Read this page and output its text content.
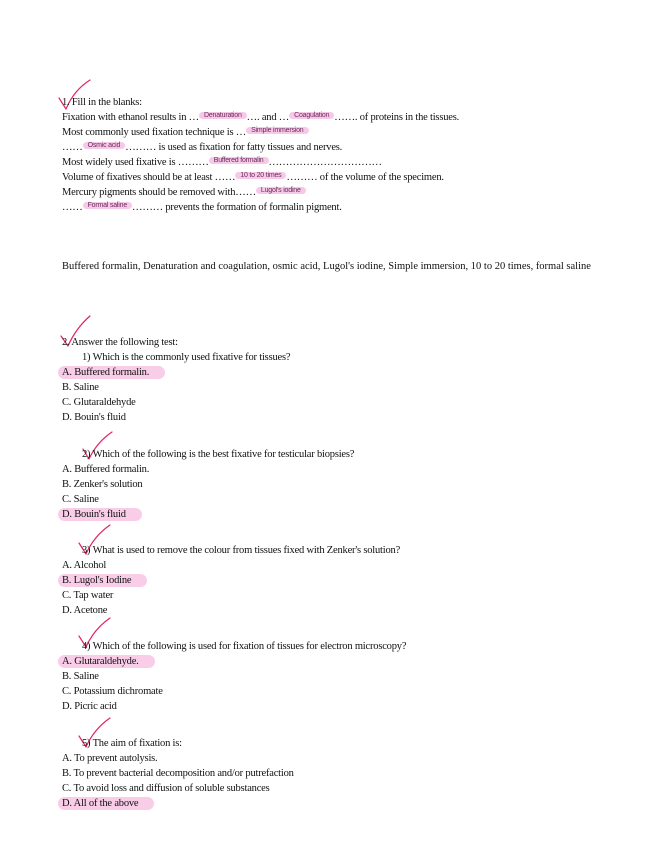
1. Fill in the blanks:
Fixation with ethanol results in … $^{Denaturation}$ …. and … $^{Coagulation}$ ……. of proteins in the tissues.
Most commonly used fixation technique is … $^{Simple immersion}$
…… $^{Osmic acid}$ ……… is used as fixation for fatty tissues and nerves.
Most widely used fixative is ……… $^{Buffered formalin}$ ……………………………
Volume of fixatives should be at least …… $^{10 to 20 times}$ ……… of the volume of the specimen.
Mercury pigments should be removed with…… $^{Lugol's iodine}$
…… $^{Formal saline}$ ……… prevents the formation of formalin pigment.
Buffered formalin, Denaturation and coagulation, osmic acid, Lugol's iodine, Simple immersion, 10 to 20 times, formal saline
2. Answer the following test:
1) Which is the commonly used fixative for tissues?
A. Buffered formalin.
B. Saline
C. Glutaraldehyde
D. Bouin's fluid
2) Which of the following is the best fixative for testicular biopsies?
A. Buffered formalin.
B. Zenker's solution
C. Saline
D. Bouin's fluid
3) What is used to remove the colour from tissues fixed with Zenker's solution?
A. Alcohol
B. Lugol's Iodine
C. Tap water
D. Acetone
4) Which of the following is used for fixation of tissues for electron microscopy?
A. Glutaraldehyde.
B. Saline
C. Potassium dichromate
D. Picric acid
5) The aim of fixation is:
A. To prevent autolysis.
B. To prevent bacterial decomposition and/or putrefaction
C. To avoid loss and diffusion of soluble substances
D. All of the above
